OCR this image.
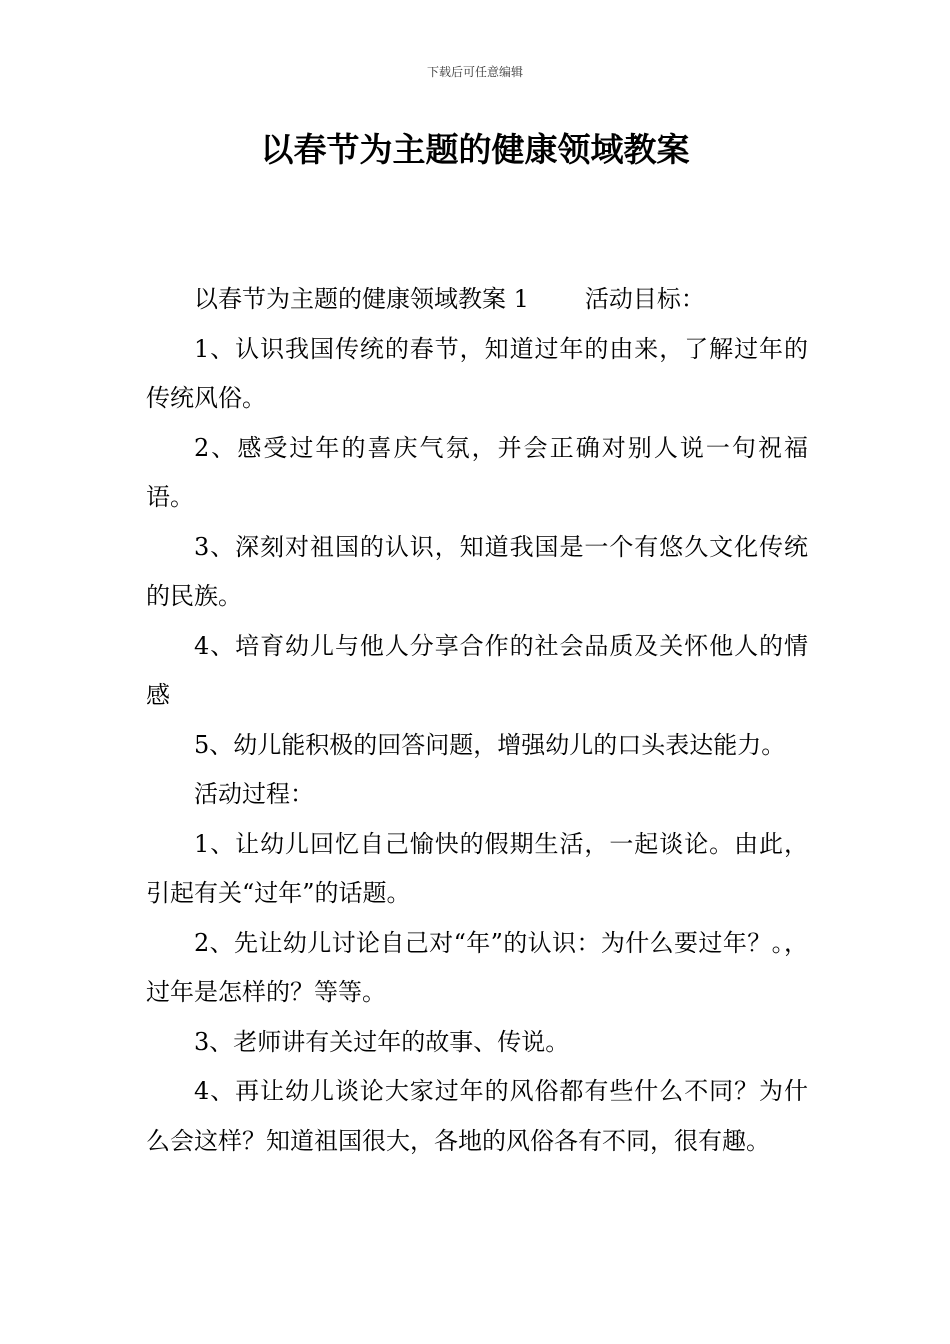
下载后可任意编辑
以春节为主题的健康领域教案

以春节为主题的健康领域教案 1 活动目标：

1、认识我国传统的春节，知道过年的由来，了解过年的传统风俗。

2、感受过年的喜庆气氛，并会正确对别人说一句祝福语。

3、深刻对祖国的认识，知道我国是一个有悠久文化传统的民族。

4、培育幼儿与他人分享合作的社会品质及关怀他人的情感

5、幼儿能积极的回答问题，增强幼儿的口头表达能力。

活动过程：

1、让幼儿回忆自己愉快的假期生活，一起谈论。由此，引起有关“过年”的话题。

2、先让幼儿讨论自己对“年”的认识：为什么要过年？。，过年是怎样的？等等。

3、老师讲有关过年的故事、传说。

4、再让幼儿谈论大家过年的风俗都有些什么不同？为什么会这样？知道祖国很大，各地的风俗各有不同，很有趣。
